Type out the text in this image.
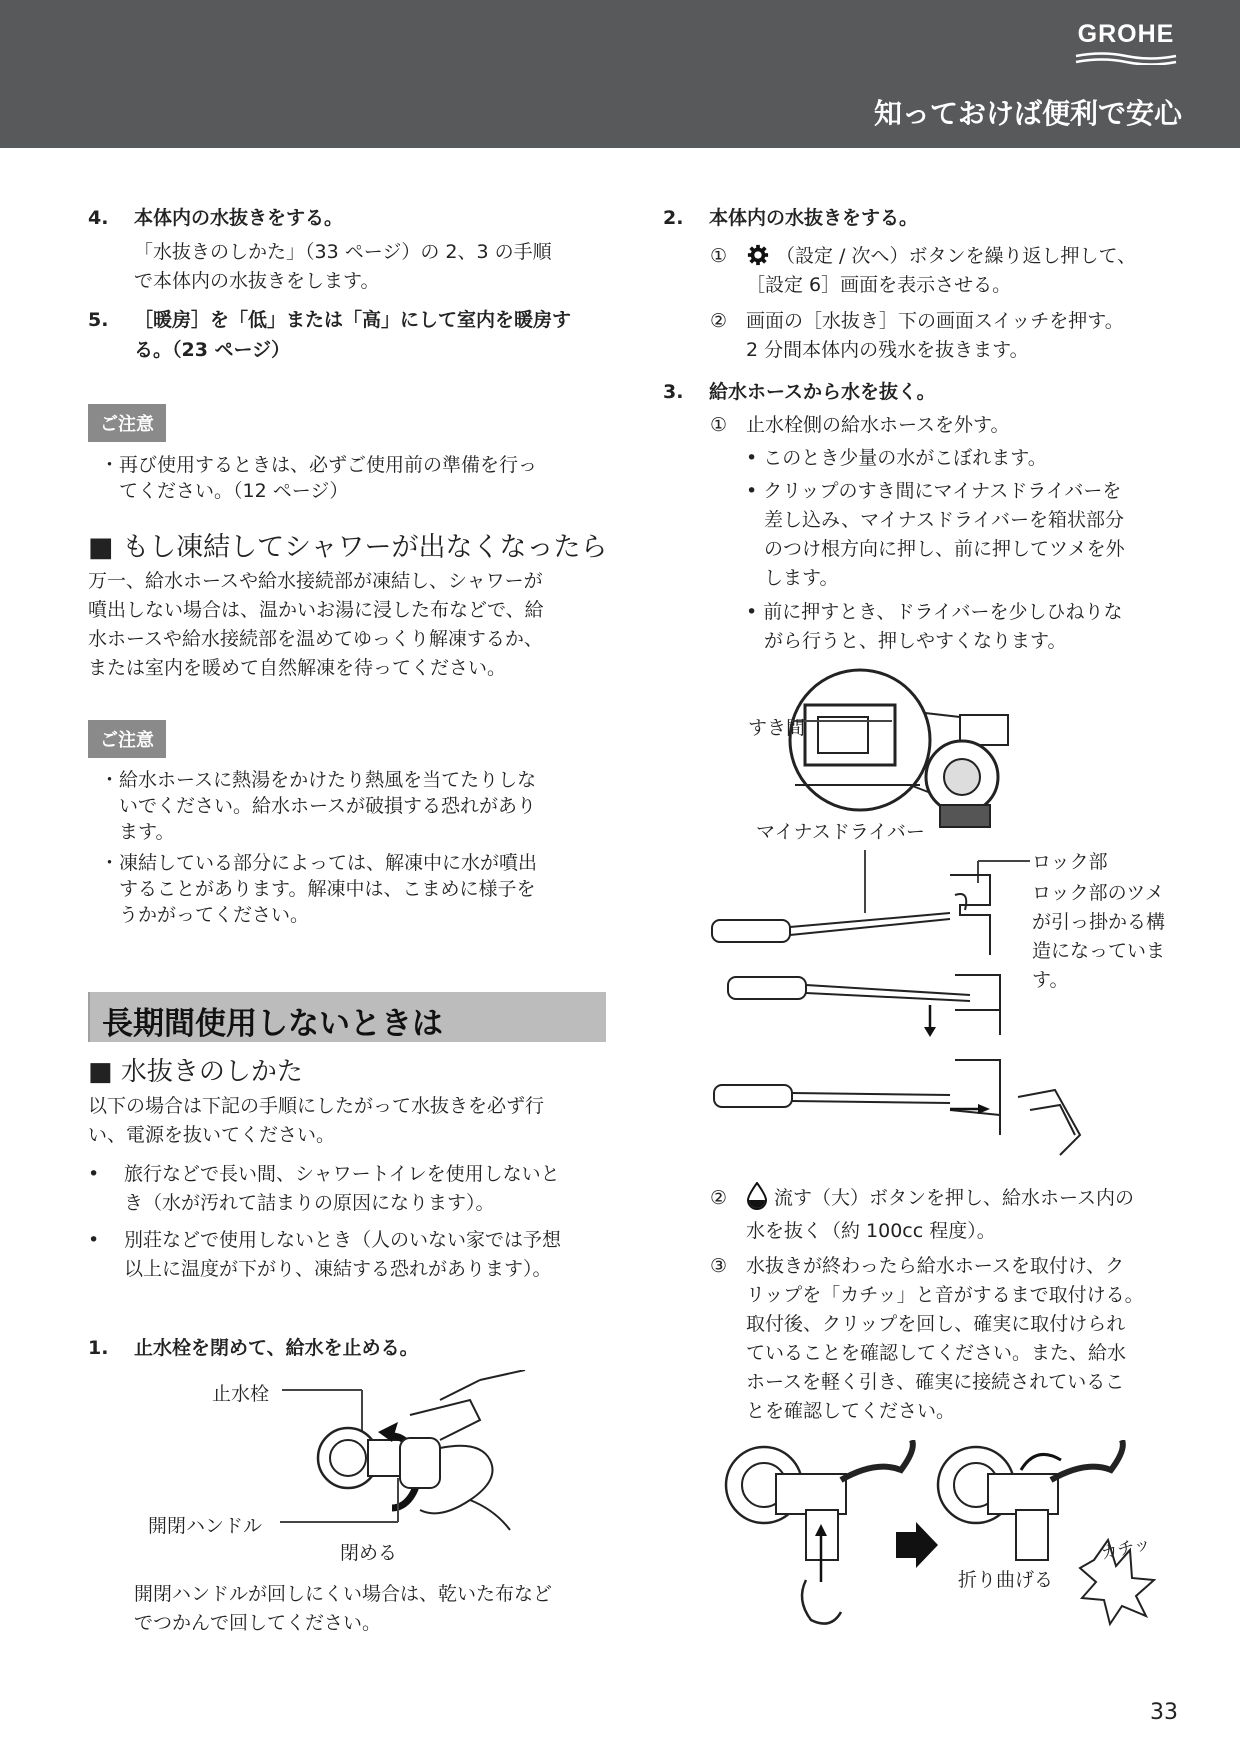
GROHE
知っておけば便利で安心
4. 本体内の水抜きをする。
「水抜きのしかた」（33 ページ）の 2、3 の手順
で本体内の水抜きをします。
5. ［暖房］を「低」または「高」にして室内を暖房す
る。（23 ページ）
ご注意
・再び使用するときは、必ずご使用前の準備を行っ
てください。（12 ページ）
■ もし凍結してシャワーが出なくなったら
万一、給水ホースや給水接続部が凍結し、シャワーが
噴出しない場合は、温かいお湯に浸した布などで、給
水ホースや給水接続部を温めてゆっくり解凍するか、
または室内を暖めて自然解凍を待ってください。
ご注意
・給水ホースに熱湯をかけたり熱風を当てたりしな
いでください。給水ホースが破損する恐れがあり
ます。
・凍結している部分によっては、解凍中に水が噴出
することがあります。解凍中は、こまめに様子を
うかがってください。
長期間使用しないときは
■ 水抜きのしかた
以下の場合は下記の手順にしたがって水抜きを必ず行
い、電源を抜いてください。
• 旅行などで長い間、シャワートイレを使用しないと
き（水が汚れて詰まりの原因になります）。
• 別荘などで使用しないとき（人のいない家では予想
以上に温度が下がり、凍結する恐れがあります）。
1. 止水栓を閉めて、給水を止める。
止水栓
開閉ハンドル
閉める
開閉ハンドルが回しにくい場合は、乾いた布など
でつかんで回してください。
2. 本体内の水抜きをする。
①	（設定 / 次へ）ボタンを繰り返し押して、
［設定 6］画面を表示させる。
② 画面の［水抜き］下の画面スイッチを押す。
2 分間本体内の残水を抜きます。
3. 給水ホースから水を抜く。
① 止水栓側の給水ホースを外す。
• このとき少量の水がこぼれます。
• クリップのすき間にマイナスドライバーを
差し込み、マイナスドライバーを箱状部分
のつけ根方向に押し、前に押してツメを外
します。
• 前に押すとき、ドライバーを少しひねりな
がら行うと、押しやすくなります。
すき間
マイナスドライバー
ロック部
ロック部のツメ
が引っ掛かる構
造になっていま
す。
② 流す（大）ボタンを押し、給水ホース内の
水を抜く（約 100cc 程度）。
③ 水抜きが終わったら給水ホースを取付け、ク
リップを「カチッ」と音がするまで取付ける。
取付後、クリップを回し、確実に取付けられ
ていることを確認してください。また、給水
ホースを軽く引き、確実に接続されているこ
とを確認してください。
折り曲げる
カチッ
33
